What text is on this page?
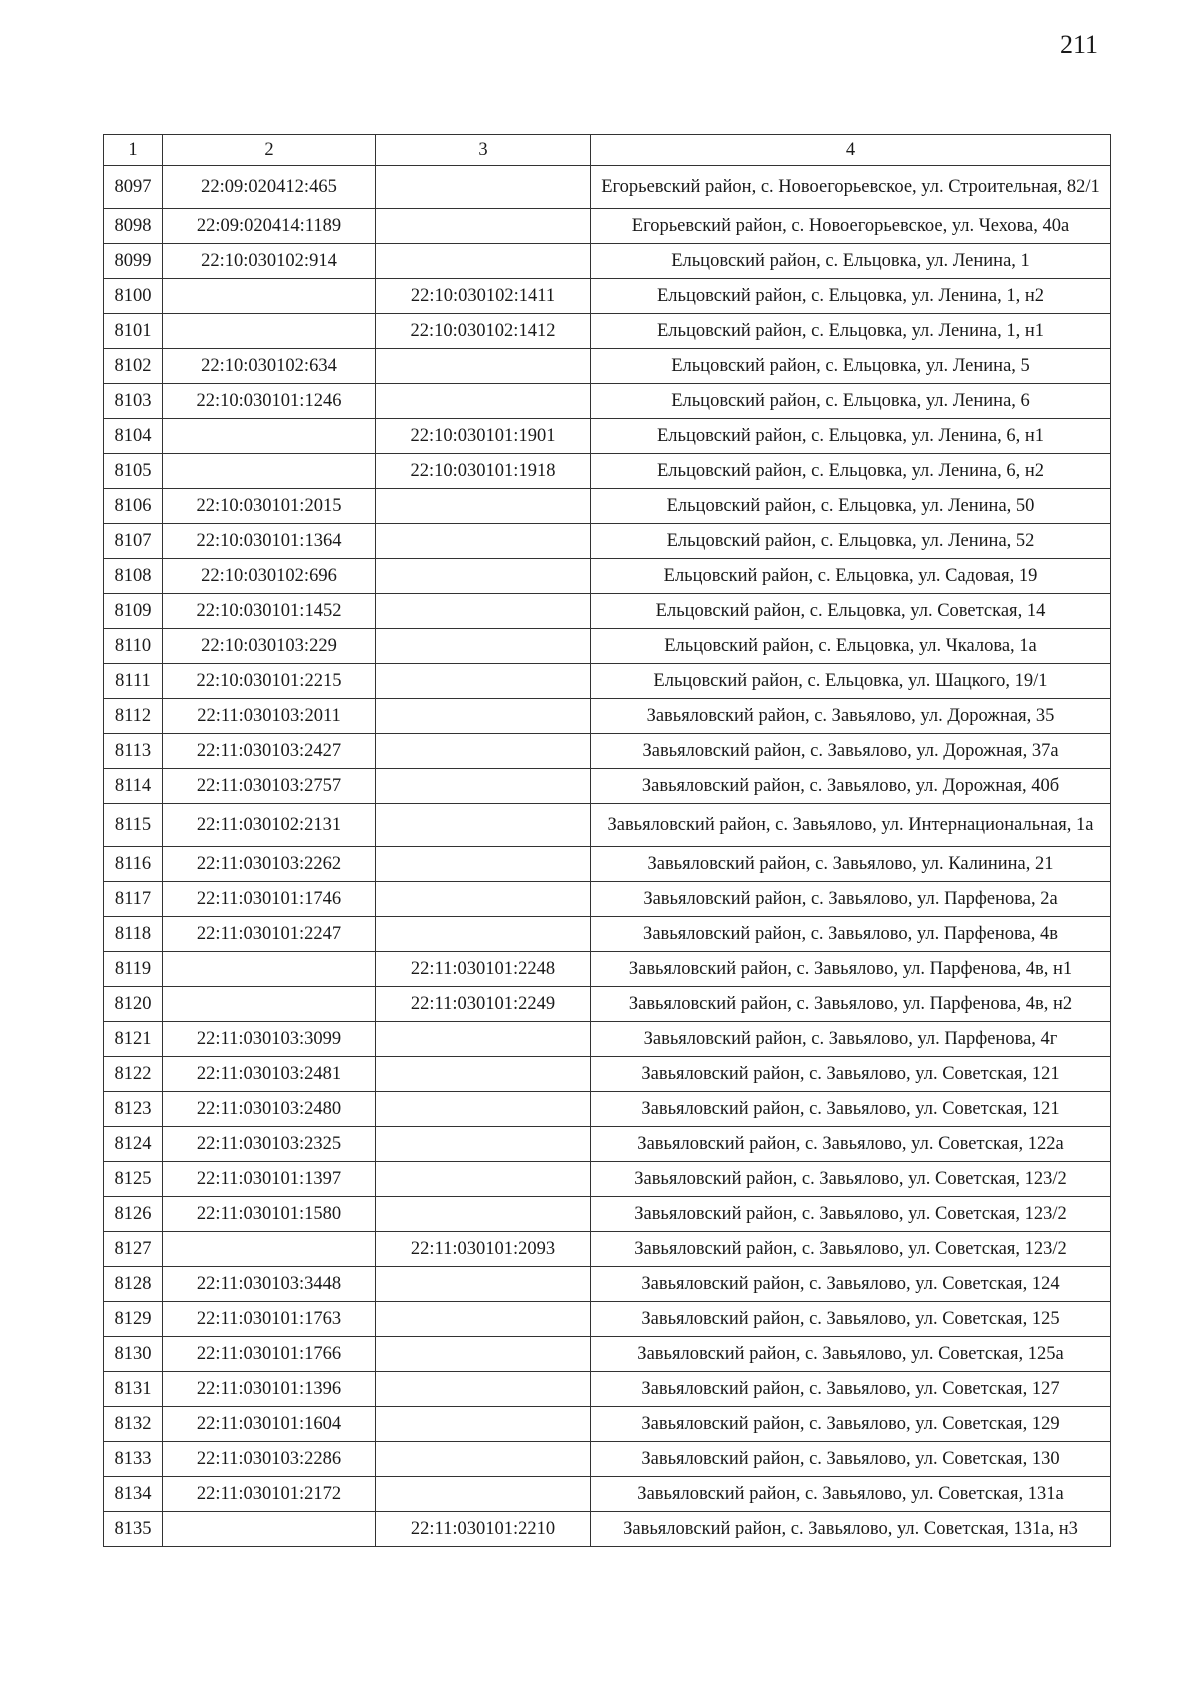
211
1	2	3	4
8097	22:09:020412:465		Егорьевский район, с. Новоегорьевское, ул. Строительная, 82/1
8098	22:09:020414:1189		Егорьевский район, с. Новоегорьевское, ул. Чехова, 40а
8099	22:10:030102:914		Ельцовский район, с. Ельцовка, ул. Ленина, 1
8100		22:10:030102:1411	Ельцовский район, с. Ельцовка, ул. Ленина, 1, н2
8101		22:10:030102:1412	Ельцовский район, с. Ельцовка, ул. Ленина, 1, н1
8102	22:10:030102:634		Ельцовский район, с. Ельцовка, ул. Ленина, 5
8103	22:10:030101:1246		Ельцовский район, с. Ельцовка, ул. Ленина, 6
8104		22:10:030101:1901	Ельцовский район, с. Ельцовка, ул. Ленина, 6, н1
8105		22:10:030101:1918	Ельцовский район, с. Ельцовка, ул. Ленина, 6, н2
8106	22:10:030101:2015		Ельцовский район, с. Ельцовка, ул. Ленина, 50
8107	22:10:030101:1364		Ельцовский район, с. Ельцовка, ул. Ленина, 52
8108	22:10:030102:696		Ельцовский район, с. Ельцовка, ул. Садовая, 19
8109	22:10:030101:1452		Ельцовский район, с. Ельцовка, ул. Советская, 14
8110	22:10:030103:229		Ельцовский район, с. Ельцовка, ул. Чкалова, 1а
8111	22:10:030101:2215		Ельцовский район, с. Ельцовка, ул. Шацкого, 19/1
8112	22:11:030103:2011		Завьяловский район, с. Завьялово, ул. Дорожная, 35
8113	22:11:030103:2427		Завьяловский район, с. Завьялово, ул. Дорожная, 37а
8114	22:11:030103:2757		Завьяловский район, с. Завьялово, ул. Дорожная, 40б
8115	22:11:030102:2131		Завьяловский район, с. Завьялово, ул. Интернациональная, 1а
8116	22:11:030103:2262		Завьяловский район, с. Завьялово, ул. Калинина, 21
8117	22:11:030101:1746		Завьяловский район, с. Завьялово, ул. Парфенова, 2а
8118	22:11:030101:2247		Завьяловский район, с. Завьялово, ул. Парфенова, 4в
8119		22:11:030101:2248	Завьяловский район, с. Завьялово, ул. Парфенова, 4в, н1
8120		22:11:030101:2249	Завьяловский район, с. Завьялово, ул. Парфенова, 4в, н2
8121	22:11:030103:3099		Завьяловский район, с. Завьялово, ул. Парфенова, 4г
8122	22:11:030103:2481		Завьяловский район, с. Завьялово, ул. Советская, 121
8123	22:11:030103:2480		Завьяловский район, с. Завьялово, ул. Советская, 121
8124	22:11:030103:2325		Завьяловский район, с. Завьялово, ул. Советская, 122а
8125	22:11:030101:1397		Завьяловский район, с. Завьялово, ул. Советская, 123/2
8126	22:11:030101:1580		Завьяловский район, с. Завьялово, ул. Советская, 123/2
8127		22:11:030101:2093	Завьяловский район, с. Завьялово, ул. Советская, 123/2
8128	22:11:030103:3448		Завьяловский район, с. Завьялово, ул. Советская, 124
8129	22:11:030101:1763		Завьяловский район, с. Завьялово, ул. Советская, 125
8130	22:11:030101:1766		Завьяловский район, с. Завьялово, ул. Советская, 125а
8131	22:11:030101:1396		Завьяловский район, с. Завьялово, ул. Советская, 127
8132	22:11:030101:1604		Завьяловский район, с. Завьялово, ул. Советская, 129
8133	22:11:030103:2286		Завьяловский район, с. Завьялово, ул. Советская, 130
8134	22:11:030101:2172		Завьяловский район, с. Завьялово, ул. Советская, 131а
8135		22:11:030101:2210	Завьяловский район, с. Завьялово, ул. Советская, 131а, н3
